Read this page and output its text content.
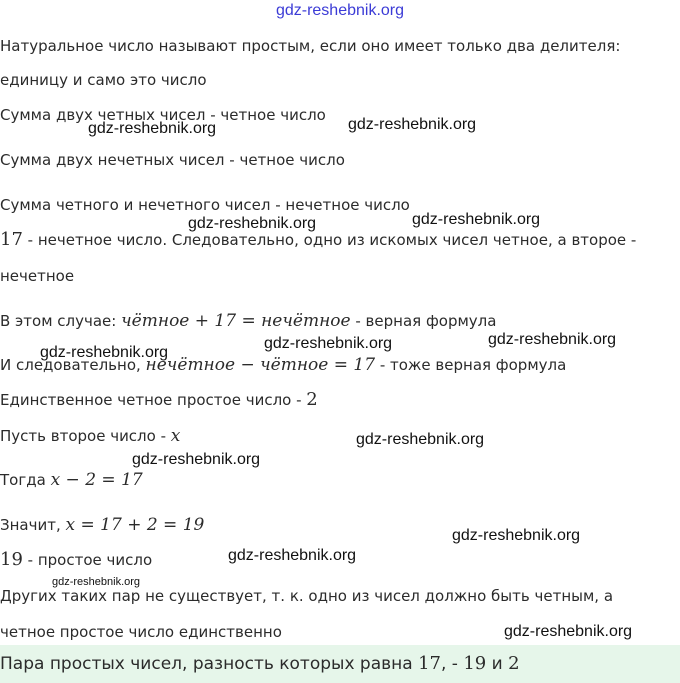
gdz-reshebnik.org
Натуральное число называют простым, если оно имеет только два делителя:
единицу и само это число
Сумма двух четных чисел - четное число
Сумма двух нечетных чисел - четное число
Сумма четного и нечетного чисел - нечетное число
17 - нечетное число. Следовательно, одно из искомых чисел четное, а второе -
нечетное
В этом случае: чётное + 17 = нечётное - верная формула
И следовательно, нечётное − чётное = 17 - тоже верная формула
Единственное четное простое число - 2
Пусть второе число - x
Тогда x − 2 = 17
Значит, x = 17 + 2 = 19
19 - простое число
Других таких пар не существует, т. к. одно из чисел должно быть четным, а
четное простое число единственно
Пара простых чисел, разность которых равна 17, - 19 и 2
gdz-reshebnik.org	gdz-reshebnik.org
gdz-reshebnik.org	gdz-reshebnik.org
gdz-reshebnik.org
gdz-reshebnik.org	gdz-reshebnik.org
gdz-reshebnik.org
gdz-reshebnik.org
gdz-reshebnik.org
gdz-reshebnik.org
gdz-reshebnik.org
gdz-reshebnik.org
